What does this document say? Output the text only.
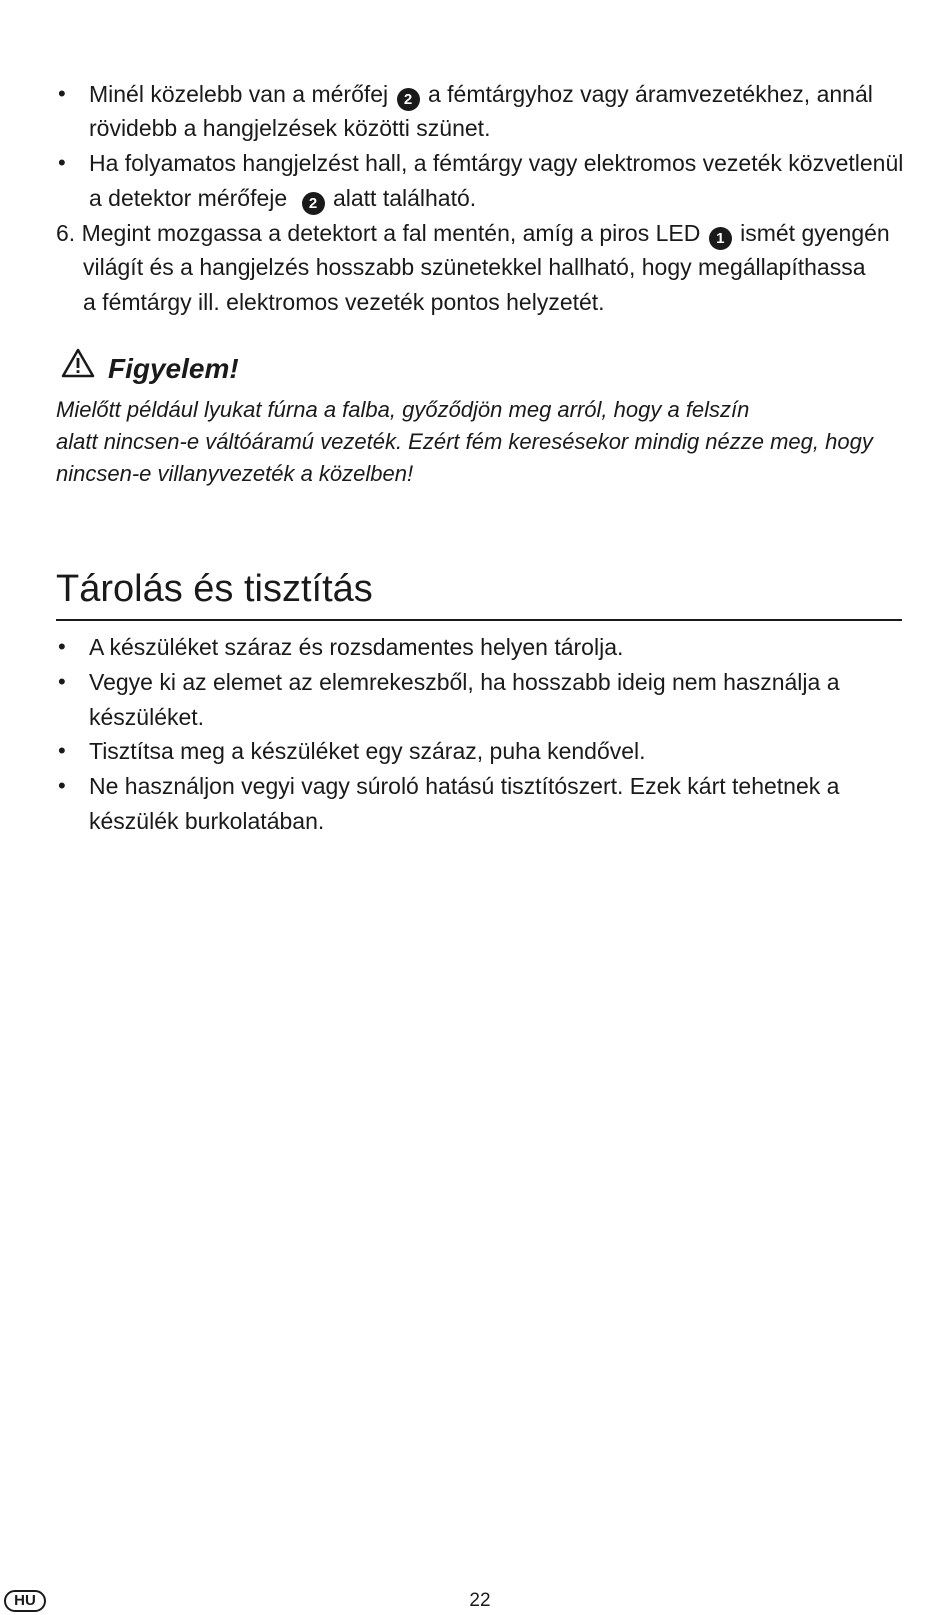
• Minél közelebb van a mérőfej 2 a fémtárgyhoz vagy áramvezetékhez, annál
rövidebb a hangjelzések közötti szünet.
• Ha folyamatos hangjelzést hall, a fémtárgy vagy elektromos vezeték közvetlenül
a detektor mérőfeje 2 alatt található.
6. Megint mozgassa a detektort a fal mentén, amíg a piros LED 1 ismét gyengén
világít és a hangjelzés hosszabb szünetekkel hallható, hogy megállapíthassa
a fémtárgy ill. elektromos vezeték pontos helyzetét.
Figyelem!
Mielőtt például lyukat fúrna a falba, győződjön meg arról, hogy a felszín
alatt nincsen-e váltóáramú vezeték. Ezért fém keresésekor mindig nézze meg, hogy
nincsen-e villanyvezeték a közelben!
Tárolás és tisztítás
• A készüléket száraz és rozsdamentes helyen tárolja.
• Vegye ki az elemet az elemrekeszből, ha hosszabb ideig nem használja a
készüléket.
• Tisztítsa meg a készüléket egy száraz, puha kendővel.
• Ne használjon vegyi vagy súroló hatású tisztítószert. Ezek kárt tehetnek a
készülék burkolatában.
HU	22
